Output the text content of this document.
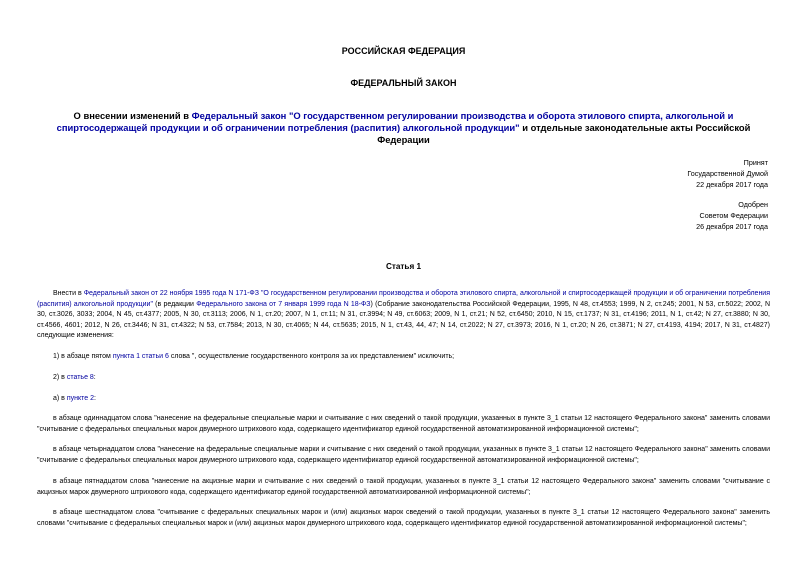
РОССИЙСКАЯ ФЕДЕРАЦИЯ
ФЕДЕРАЛЬНЫЙ ЗАКОН
О внесении изменений в Федеральный закон "О государственном регулировании производства и оборота этилового спирта, алкогольной и спиртосодержащей продукции и об ограничении потребления (распития) алкогольной продукции" и отдельные законодательные акты Российской Федерации
Принят
Государственной Думой
22 декабря 2017 года
Одобрен
Советом Федерации
26 декабря 2017 года
Статья 1
Внести в Федеральный закон от 22 ноября 1995 года N 171-ФЗ "О государственном регулировании производства и оборота этилового спирта, алкогольной и спиртосодержащей продукции и об ограничении потребления (распития) алкогольной продукции" (в редакции Федерального закона от 7 января 1999 года N 18-ФЗ) (Собрание законодательства Российской Федерации, 1995, N 48, ст.4553; 1999, N 2, ст.245; 2001, N 53, ст.5022; 2002, N 30, ст.3026, 3033; 2004, N 45, ст.4377; 2005, N 30, ст.3113; 2006, N 1, ст.20; 2007, N 1, ст.11; N 31, ст.3994; N 49, ст.6063; 2009, N 1, ст.21; N 52, ст.6450; 2010, N 15, ст.1737; N 31, ст.4196; 2011, N 1, ст.42; N 27, ст.3880; N 30, ст.4566, 4601; 2012, N 26, ст.3446; N 31, ст.4322; N 53, ст.7584; 2013, N 30, ст.4065; N 44, ст.5635; 2015, N 1, ст.43, 44, 47; N 14, ст.2022; N 27, ст.3973; 2016, N 1, ст.20; N 26, ст.3871; N 27, ст.4193, 4194; 2017, N 31, ст.4827) следующие изменения:
1) в абзаце пятом пункта 1 статьи 6 слова ", осуществление государственного контроля за их представлением" исключить;
2) в статье 8:
а) в пункте 2:
в абзаце одиннадцатом слова "нанесение на федеральные специальные марки и считывание с них сведений о такой продукции, указанных в пункте 3_1 статьи 12 настоящего Федерального закона" заменить словами "считывание с федеральных специальных марок двумерного штрихового кода, содержащего идентификатор единой государственной автоматизированной информационной системы";
в абзаце четырнадцатом слова "нанесение на федеральные специальные марки и считывание с них сведений о такой продукции, указанных в пункте 3_1 статьи 12 настоящего Федерального закона" заменить словами "считывание с федеральных специальных марок двумерного штрихового кода, содержащего идентификатор единой государственной автоматизированной информационной системы";
в абзаце пятнадцатом слова "нанесение на акцизные марки и считывание с них сведений о такой продукции, указанных в пункте 3_1 статьи 12 настоящего Федерального закона" заменить словами "считывание с акцизных марок двумерного штрихового кода, содержащего идентификатор единой государственной автоматизированной информационной системы";
в абзаце шестнадцатом слова "считывание с федеральных специальных марок и (или) акцизных марок сведений о такой продукции, указанных в пункте 3_1 статьи 12 настоящего Федерального закона" заменить словами "считывание с федеральных специальных марок и (или) акцизных марок двумерного штрихового кода, содержащего идентификатор единой государственной автоматизированной информационной системы";
